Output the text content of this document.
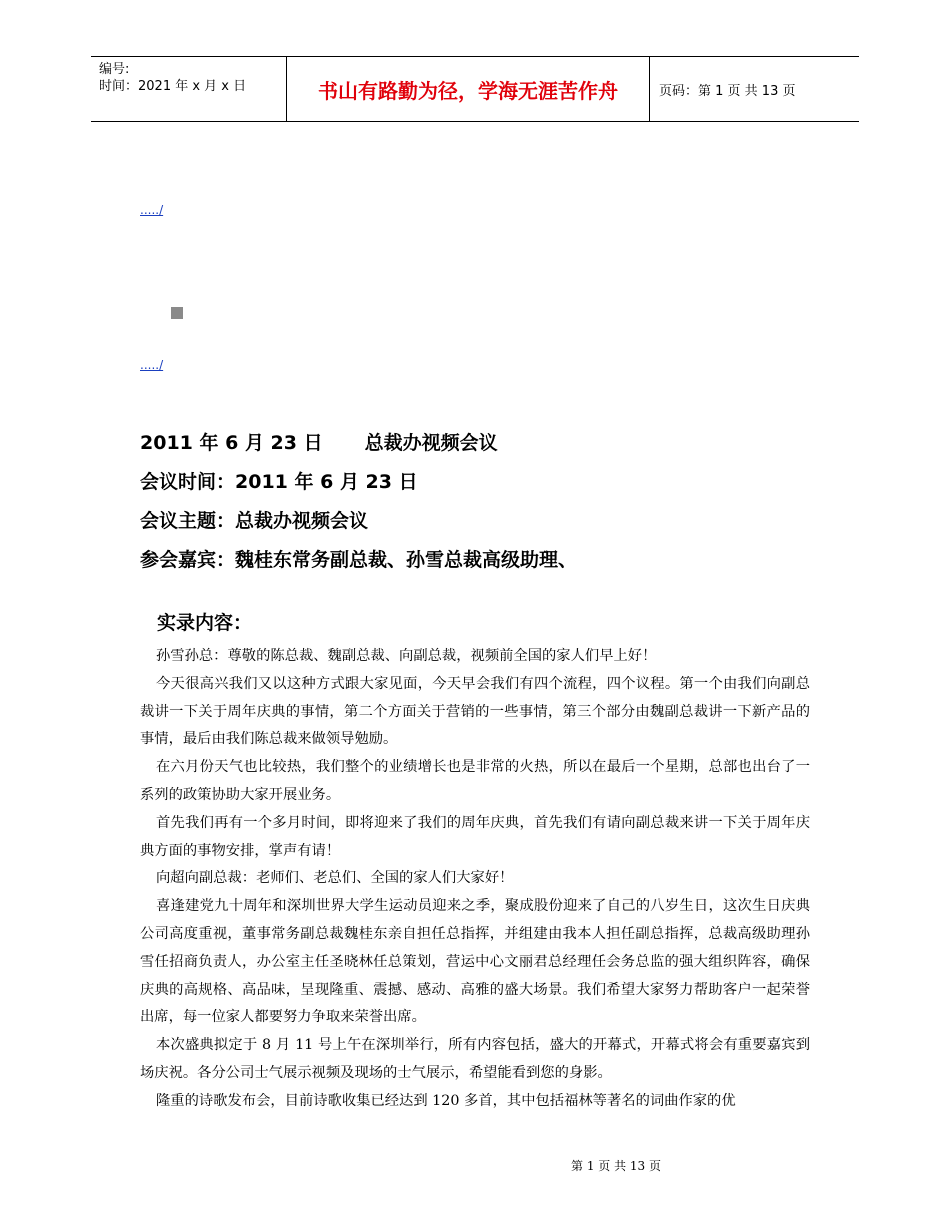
编号:
时间：2021 年 x 月 x 日	书山有路勤为径，学海无涯苦作舟	页码：第 1 页 共 13 页
...../
...../
2011 年 6 月 23 日 总裁办视频会议
会议时间：2011 年 6 月 23 日
会议主题：总裁办视频会议
参会嘉宾：魏桂东常务副总裁、孙雪总裁高级助理、
实录内容：

孙雪孙总：尊敬的陈总裁、魏副总裁、向副总裁，视频前全国的家人们早上好！

今天很高兴我们又以这种方式跟大家见面，今天早会我们有四个流程，四个议程。第一个由我们向副总裁讲一下关于周年庆典的事情，第二个方面关于营销的一些事情，第三个部分由魏副总裁讲一下新产品的事情，最后由我们陈总裁来做领导勉励。

在六月份天气也比较热，我们整个的业绩增长也是非常的火热，所以在最后一个星期，总部也出台了一系列的政策协助大家开展业务。

首先我们再有一个多月时间，即将迎来了我们的周年庆典，首先我们有请向副总裁来讲一下关于周年庆典方面的事物安排，掌声有请！

向超向副总裁：老师们、老总们、全国的家人们大家好！

喜逢建党九十周年和深圳世界大学生运动员迎来之季，聚成股份迎来了自己的八岁生日，这次生日庆典公司高度重视，董事常务副总裁魏桂东亲自担任总指挥，并组建由我本人担任副总指挥，总裁高级助理孙雪任招商负责人，办公室主任圣晓林任总策划，营运中心文丽君总经理任会务总监的强大组织阵容，确保庆典的高规格、高品味，呈现隆重、震撼、感动、高雅的盛大场景。我们希望大家努力帮助客户一起荣誉出席，每一位家人都要努力争取来荣誉出席。

本次盛典拟定于 8 月 11 号上午在深圳举行，所有内容包括，盛大的开幕式，开幕式将会有重要嘉宾到场庆祝。各分公司士气展示视频及现场的士气展示，希望能看到您的身影。

隆重的诗歌发布会，目前诗歌收集已经达到 120 多首，其中包括福林等著名的词曲作家的优

第 1 页 共 13 页
